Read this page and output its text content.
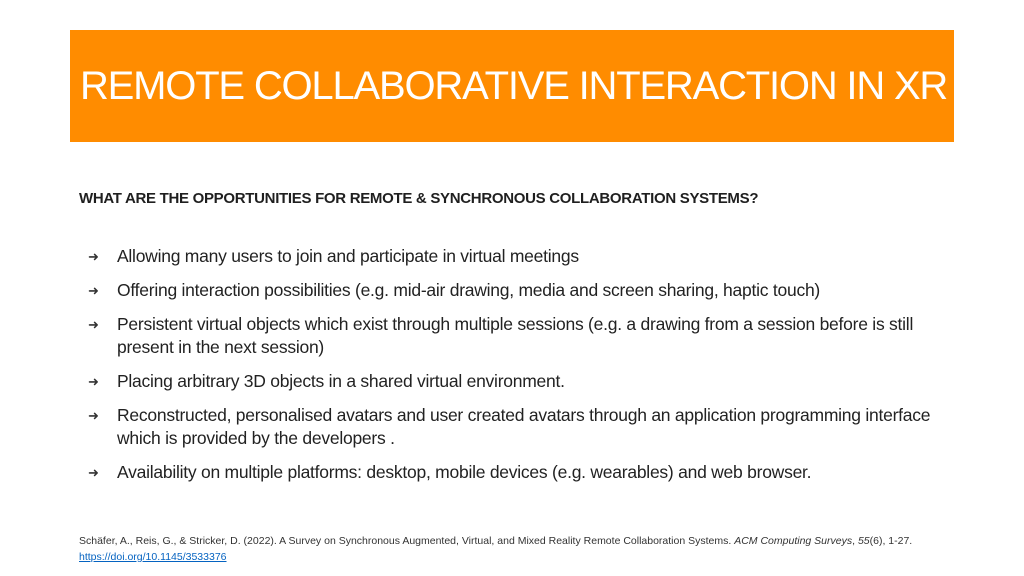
REMOTE COLLABORATIVE INTERACTION IN XR
WHAT ARE THE OPPORTUNITIES FOR REMOTE & SYNCHRONOUS COLLABORATION SYSTEMS?
➜ Allowing many users to join and participate in virtual meetings
➜ Offering interaction possibilities (e.g. mid-air drawing, media and screen sharing, haptic touch)
➜ Persistent virtual objects which exist through multiple sessions (e.g. a drawing from a session before is still present in the next session)
➜ Placing arbitrary 3D objects in a shared virtual environment.
➜ Reconstructed, personalised avatars and user created avatars through an application programming interface which is provided by the developers .
➜ Availability on multiple platforms: desktop, mobile devices (e.g. wearables) and web browser.
Schäfer, A., Reis, G., & Stricker, D. (2022). A Survey on Synchronous Augmented, Virtual, and Mixed Reality Remote Collaboration Systems. ACM Computing Surveys, 55(6), 1-27. https://doi.org/10.1145/3533376
